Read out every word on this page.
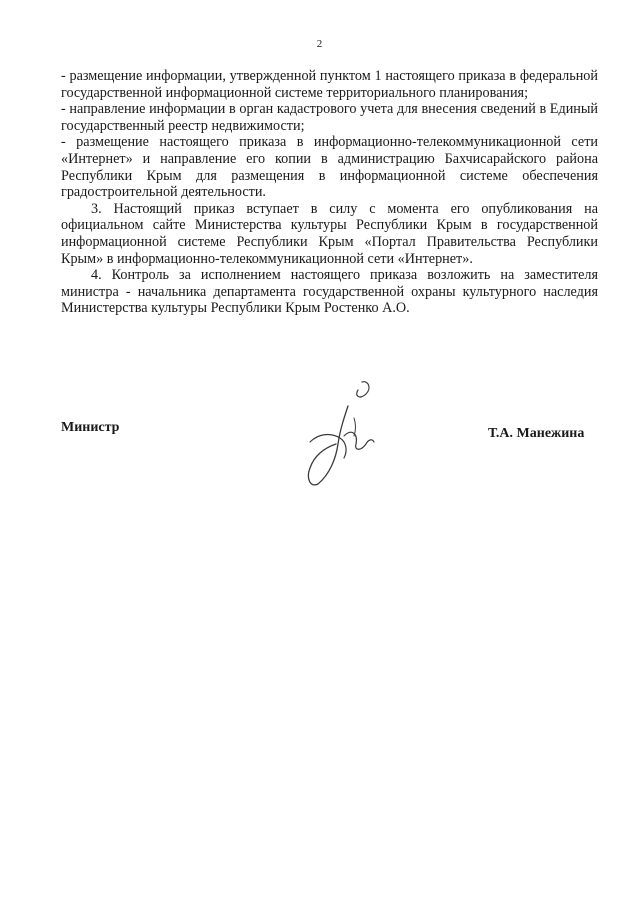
2

- размещение информации, утвержденной пунктом 1 настоящего приказа в федеральной государственной информационной системе территориального планирования;

- направление информации в орган кадастрового учета для внесения сведений в Единый государственный реестр недвижимости;

- размещение настоящего приказа в информационно-телекоммуникационной сети «Интернет» и направление его копии в администрацию Бахчисарайского района Республики Крым для размещения в информационной системе обеспечения градостроительной деятельности.

3. Настоящий приказ вступает в силу с момента его опубликования на официальном сайте Министерства культуры Республики Крым в государственной информационной системе Республики Крым «Портал Правительства Республики Крым» в информационно-телекоммуникационной сети «Интернет».

4. Контроль за исполнением настоящего приказа возложить на заместителя министра - начальника департамента государственной охраны культурного наследия Министерства культуры Республики Крым Ростенко А.О.

Министр	Т.А. Манежина
